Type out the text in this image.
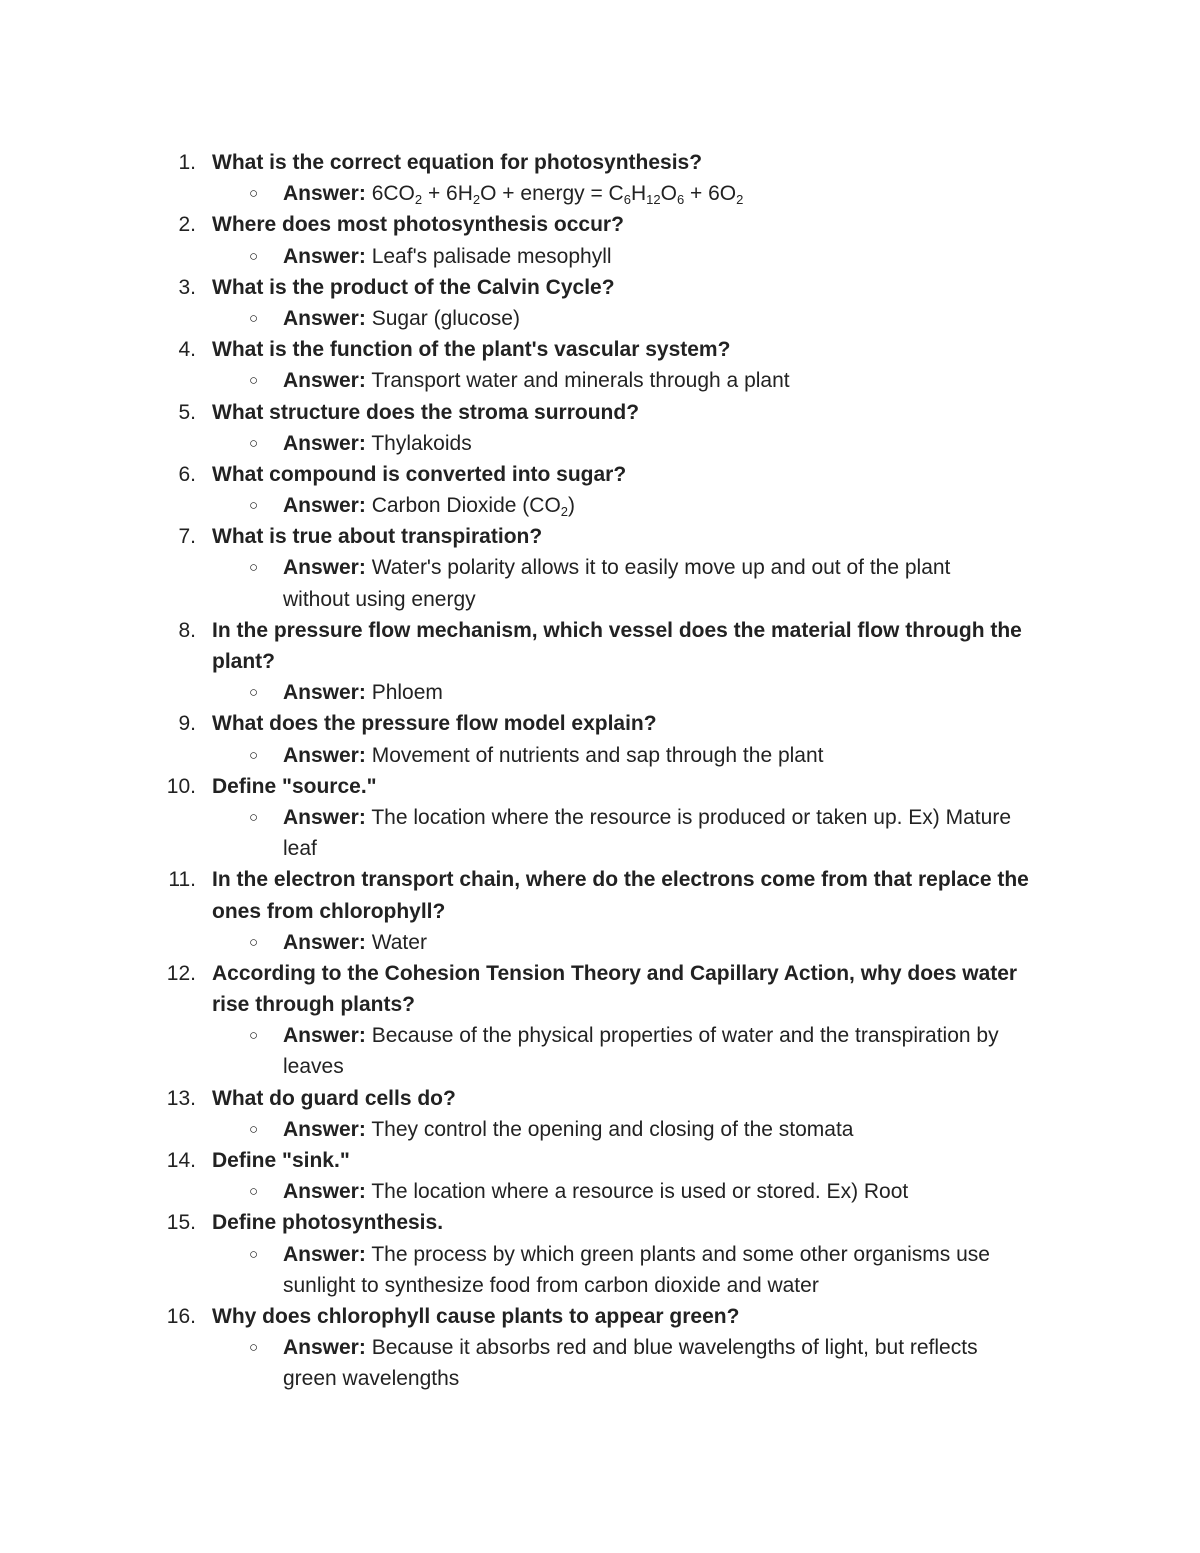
1. What is the correct equation for photosynthesis?
○ Answer: $6CO_2 + 6H_2O$ + energy = $C_6H_{12}O_6 + 6O_2$
2. Where does most photosynthesis occur?
○ Answer: Leaf's palisade mesophyll
3. What is the product of the Calvin Cycle?
○ Answer: Sugar (glucose)
4. What is the function of the plant's vascular system?
○ Answer: Transport water and minerals through a plant
5. What structure does the stroma surround?
○ Answer: Thylakoids
6. What compound is converted into sugar?
○ Answer: Carbon Dioxide $(CO_2)$
7. What is true about transpiration?
○ Answer: Water's polarity allows it to easily move up and out of the plant
without using energy
8. In the pressure flow mechanism, which vessel does the material flow through the
plant?
○ Answer: Phloem
9. What does the pressure flow model explain?
○ Answer: Movement of nutrients and sap through the plant
10. Define "source."
○ Answer: The location where the resource is produced or taken up. Ex) Mature
leaf
11. In the electron transport chain, where do the electrons come from that replace the
ones from chlorophyll?
○ Answer: Water
12. According to the Cohesion Tension Theory and Capillary Action, why does water
rise through plants?
○ Answer: Because of the physical properties of water and the transpiration by
leaves
13. What do guard cells do?
○ Answer: They control the opening and closing of the stomata
14. Define "sink."
○ Answer: The location where a resource is used or stored. Ex) Root
15. Define photosynthesis.
○ Answer: The process by which green plants and some other organisms use
sunlight to synthesize food from carbon dioxide and water
16. Why does chlorophyll cause plants to appear green?
○ Answer: Because it absorbs red and blue wavelengths of light, but reflects
green wavelengths
